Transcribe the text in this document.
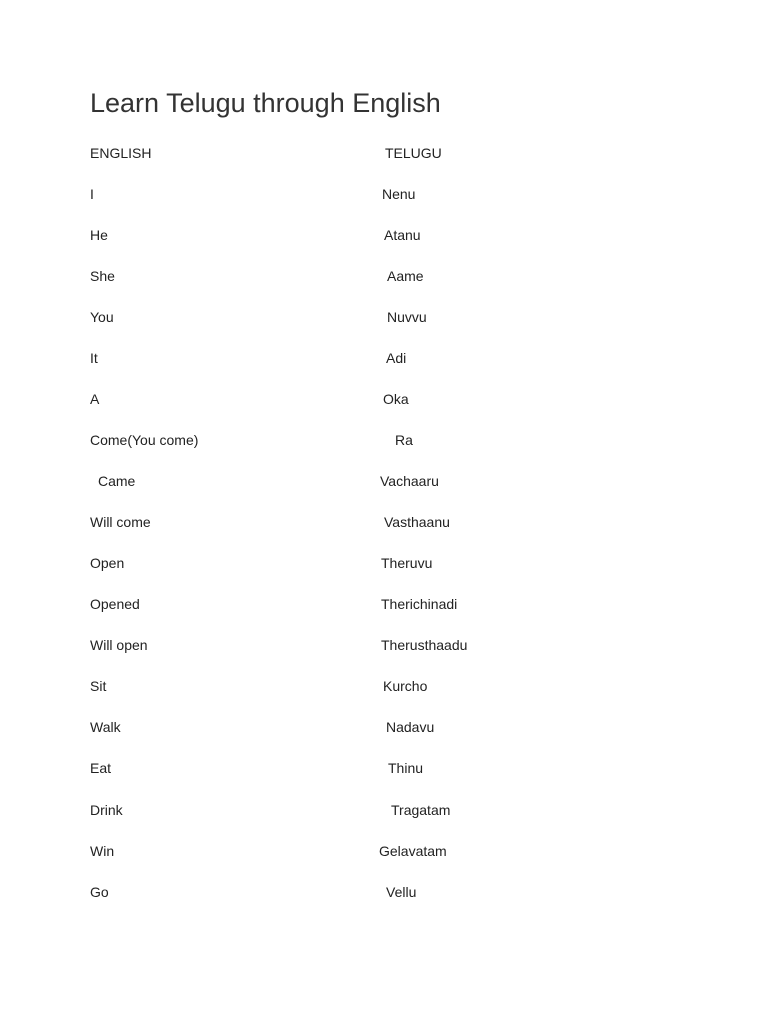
Learn Telugu through English
ENGLISH	TELUGU
I	Nenu
He	Atanu
She	Aame
You	Nuvvu
It	Adi
A	Oka
Come(You come)	Ra
Came	Vachaaru
Will come	Vasthaanu
Open	Theruvu
Opened	Therichinadi
Will open	Therusthaadu
Sit	Kurcho
Walk	Nadavu
Eat	Thinu
Drink	Tragatam
Win	Gelavatam
Go	Vellu
